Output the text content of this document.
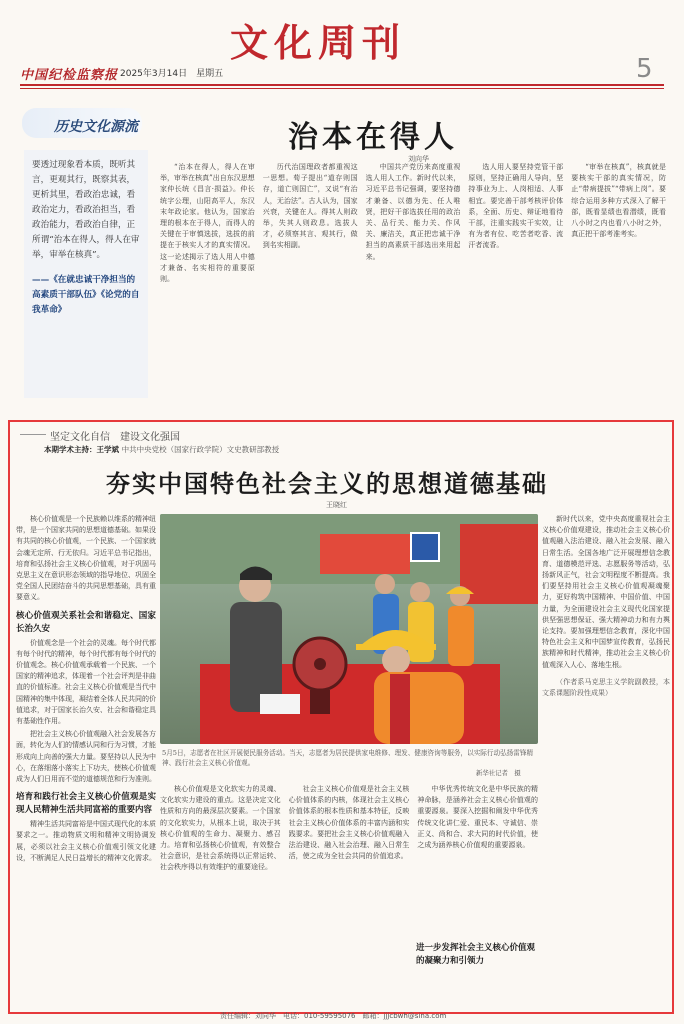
中国纪检监察报 2025年3月14日　星期五
文化周刊
5
历史文化源流
要透过现象看本质，既听其言，更观其行，既察其表，更析其里，看政治忠诚，看政治定力，看政治担当，看政治能力，看政治自律，正所谓“治本在得人，得人在审举，审举在核真”。
——《在就忠诚干净担当的高素质干部队伍》《论党的自我革命》
治本在得人
刘向华
“治本在得人，得人在审举，审举在核真”出自东汉思想家仲长统《昌言·损益》。仲长统字公理，山阳高平人，东汉末年政论家。他认为，国家治理的根本在于得人，而得人的关键在于审慎选拔，选拔的前提在于核实人才的真实情况。这一论述揭示了选人用人中德才兼备、名实相符的重要原则。
历代治国理政者都重视这一思想。荀子提出“道存则国存，道亡则国亡”，又说“有治人，无治法”。古人认为，国家兴衰，关键在人。得其人则政举，失其人则政息。选拔人才，必须察其言、观其行，做到名实相副。
中国共产党历来高度重视选人用人工作。新时代以来，习近平总书记强调，要坚持德才兼备、以德为先、任人唯贤，把好干部选拔任用的政治关、品行关、能力关、作风关、廉洁关，真正把忠诚干净担当的高素质干部选出来用起来。
选人用人要坚持党管干部原则，坚持正确用人导向，坚持事业为上、人岗相适、人事相宜。要完善干部考核评价体系，全面、历史、辩证地看待干部，注重实践实干实效，让有为者有位、吃苦者吃香、流汗者流香。
“审举在核真”，核真就是要核实干部的真实情况，防止“带病提拔”“带病上岗”。要综合运用多种方式深入了解干部，既看显绩也看潜绩，既看八小时之内也看八小时之外，真正把干部考准考实。
坚定文化自信　建设文化强国
本期学术主持：王学斌 中共中央党校（国家行政学院）文史教研部教授
夯实中国特色社会主义的思想道德基础
王晓红

核心价值观是一个民族赖以维系的精神纽带，是一个国家共同的思想道德基础。如果没有共同的核心价值观，一个民族、一个国家就会魂无定所、行无依归。习近平总书记指出，培育和弘扬社会主义核心价值观，对于巩固马克思主义在意识形态领域的指导地位、巩固全党全国人民团结奋斗的共同思想基础，具有重要意义。

核心价值观关系社会和谐稳定、国家长治久安

价值观念是一个社会的灵魂。每个时代都有每个时代的精神，每个时代都有每个时代的价值观念。核心价值观承载着一个民族、一个国家的精神追求，体现着一个社会评判是非曲直的价值标准。社会主义核心价值观是当代中国精神的集中体现，凝结着全体人民共同的价值追求，对于国家长治久安、社会和谐稳定具有基础性作用。

把社会主义核心价值观融入社会发展各方面，转化为人们的情感认同和行为习惯，才能形成向上向善的强大力量。要坚持以人民为中心，在落细落小落实上下功夫，使核心价值观成为人们日用而不觉的道德规范和行为准则。

培育和践行社会主义核心价值观是实现人民精神生活共同富裕的重要内容

精神生活共同富裕是中国式现代化的本质要求之一。推动物质文明和精神文明协调发展，必须以社会主义核心价值观引领文化建设，不断满足人民日益增长的精神文化需求。

5月5日，志愿者在社区开展便民服务活动。当天，志愿者为居民提供家电维修、理发、健康咨询等服务，以实际行动弘扬雷锋精神、践行社会主义核心价值观。
新华社记者　摄
核心价值观是文化软实力的灵魂、文化软实力建设的重点。这是决定文化性质和方向的最深层次要素。一个国家的文化软实力，从根本上说，取决于其核心价值观的生命力、凝聚力、感召力。培育和弘扬核心价值观，有效整合社会意识，是社会系统得以正常运转、社会秩序得以有效维护的重要途径。
社会主义核心价值观是社会主义核心价值体系的内核，体现社会主义核心价值体系的根本性质和基本特征，反映社会主义核心价值体系的丰富内涵和实践要求。要把社会主义核心价值观融入法治建设、融入社会治理、融入日常生活，使之成为全社会共同的价值追求。
中华优秀传统文化是中华民族的精神命脉，是涵养社会主义核心价值观的重要源泉。要深入挖掘和阐发中华优秀传统文化讲仁爱、重民本、守诚信、崇正义、尚和合、求大同的时代价值，使之成为涵养核心价值观的重要源泉。
进一步发挥社会主义核心价值观的凝聚力和引领力

新时代以来，党中央高度重视社会主义核心价值观建设，推动社会主义核心价值观融入法治建设、融入社会发展、融入日常生活。全国各地广泛开展理想信念教育、道德模范评选、志愿服务等活动，弘扬新风正气，社会文明程度不断提高。我们要坚持用社会主义核心价值观凝魂聚力，更好构筑中国精神、中国价值、中国力量，为全面建设社会主义现代化国家提供坚强思想保证、强大精神动力和有力舆论支持。要加强理想信念教育，深化中国特色社会主义和中国梦宣传教育，弘扬民族精神和时代精神，推动社会主义核心价值观深入人心、落地生根。

（作者系马克思主义学院副教授，本文系课题阶段性成果）

责任编辑：刘同华　电话：010-59595076　邮箱：jjjcbwh@sina.com
